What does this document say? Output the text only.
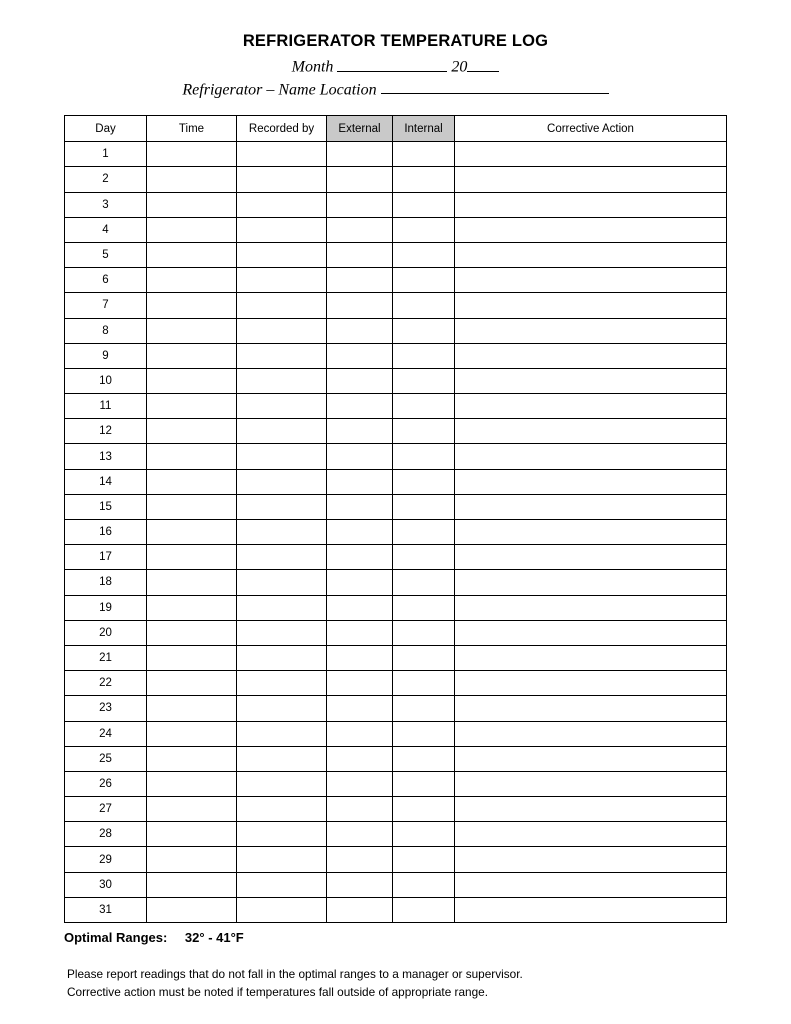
REFRIGERATOR TEMPERATURE LOG
Month	20
Refrigerator – Name Location
Day	Time	Recorded by	External	Internal	Corrective Action
1					
2					
3					
4					
5					
6					
7					
8					
9					
10					
11					
12					
13					
14					
15					
16					
17					
18					
19					
20					
21					
22					
23					
24					
25					
26					
27					
28					
29					
30					
31					
Optimal Ranges: 32° - 41°F
Please report readings that do not fall in the optimal ranges to a manager or supervisor.
Corrective action must be noted if temperatures fall outside of appropriate range.
